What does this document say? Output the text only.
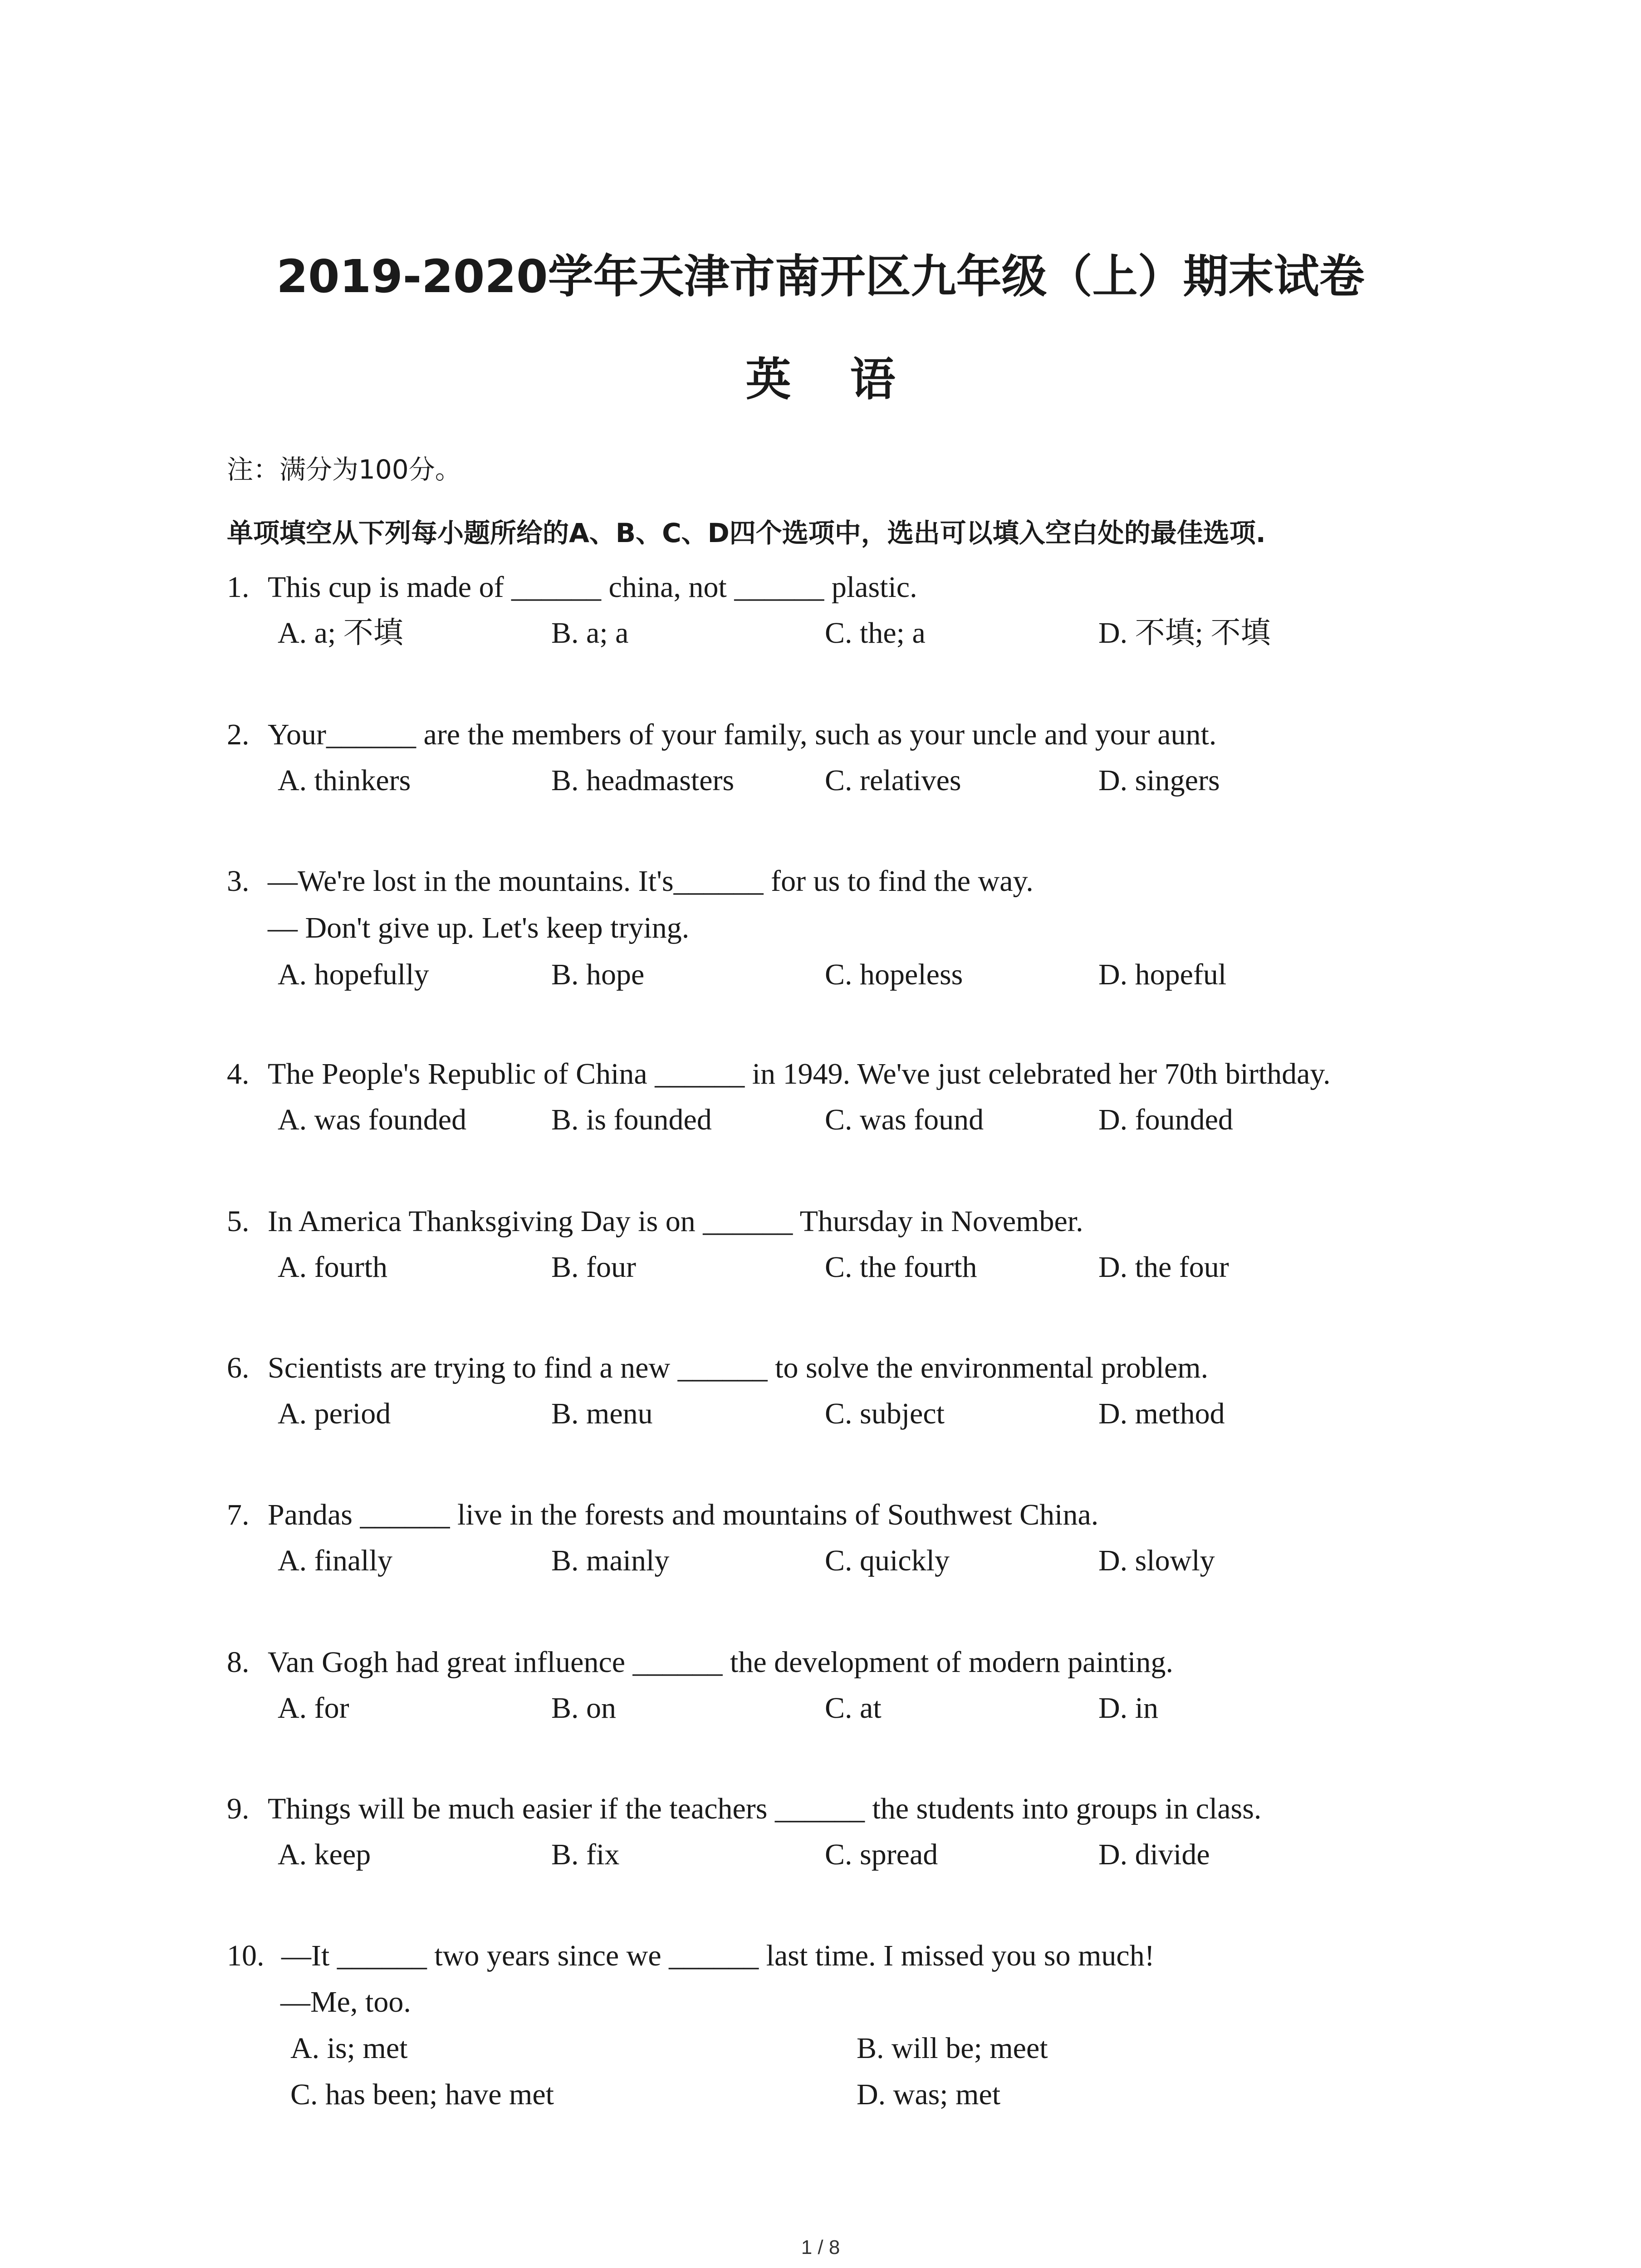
2019-2020学年天津市南开区九年级（上）期末试卷
英语
注：满分为100分。
单项填空从下列每小题所给的A、B、C、D四个选项中，选出可以填入空白处的最佳选项.
1. This cup is made of ______ china, not ______ plastic.
A. a; 不填	B. a; a	C. the; a	D. 不填; 不填
2. Your______ are the members of your family, such as your uncle and your aunt.
A. thinkers	B. headmasters	C. relatives	D. singers
3. —We're lost in the mountains. It's______ for us to find the way.
— Don't give up. Let's keep trying.
A. hopefully	B. hope	C. hopeless	D. hopeful
4. The People's Republic of China ______ in 1949. We've just celebrated her 70th birthday.
A. was founded	B. is founded	C. was found	D. founded
5. In America Thanksgiving Day is on ______ Thursday in November.
A. fourth	B. four	C. the fourth	D. the four
6. Scientists are trying to find a new ______ to solve the environmental problem.
A. period	B. menu	C. subject	D. method
7. Pandas ______ live in the forests and mountains of Southwest China.
A. finally	B. mainly	C. quickly	D. slowly
8. Van Gogh had great influence ______ the development of modern painting.
A. for	B. on	C. at	D. in
9. Things will be much easier if the teachers ______ the students into groups in class.
A. keep	B. fix	C. spread	D. divide
10. —It ______ two years since we ______ last time. I missed you so much!
—Me, too.
A. is; met	B. will be; meet
C. has been; have met	D. was; met
1 / 8
